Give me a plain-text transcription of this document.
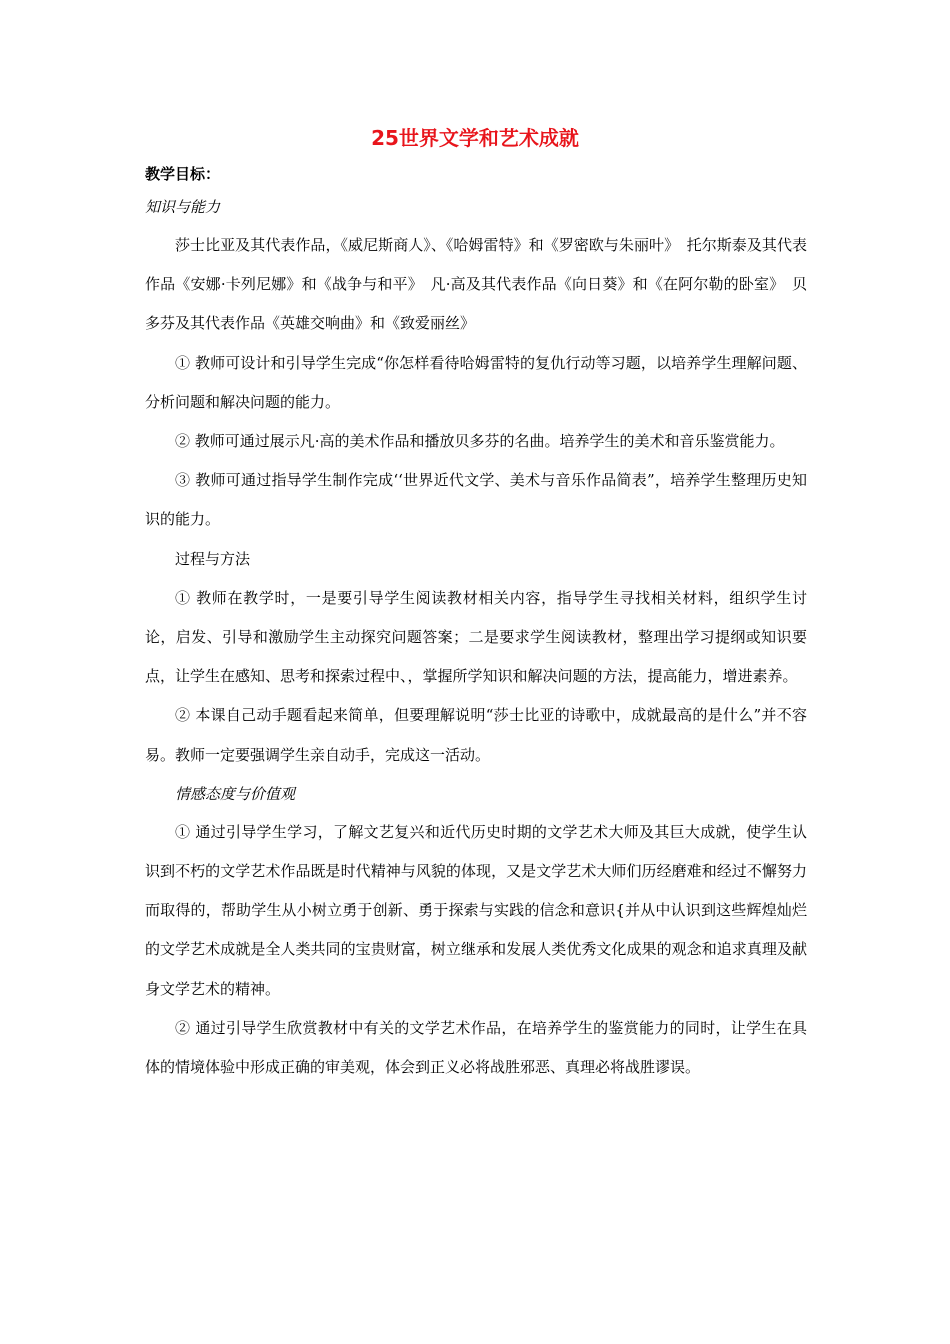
25世界文学和艺术成就

教学目标：

知识与能力

莎士比亚及其代表作品，《威尼斯商人》、《哈姆雷特》和《罗密欧与朱丽叶》　托尔斯泰及其代表作品《安娜·卡列尼娜》和《战争与和平》　凡·高及其代表作品《向日葵》和《在阿尔勒的卧室》　贝多芬及其代表作品《英雄交响曲》和《致爱丽丝》

① 教师可设计和引导学生完成“你怎样看待哈姆雷特的复仇行动等习题，以培养学生理解问题、分析问题和解决问题的能力。

② 教师可通过展示凡·高的美术作品和播放贝多芬的名曲。培养学生的美术和音乐鉴赏能力。

③ 教师可通过指导学生制作完成‘‘世界近代文学、美术与音乐作品简表”，培养学生整理历史知识的能力。

过程与方法

① 教师在教学时，一是要引导学生阅读教材相关内容，指导学生寻找相关材料，组织学生讨论，启发、引导和激励学生主动探究问题答案；二是要求学生阅读教材，整理出学习提纲或知识要点，让学生在感知、思考和探索过程中、，掌握所学知识和解决问题的方法，提高能力，增进素养。

② 本课自己动手题看起来简单，但要理解说明“莎士比亚的诗歌中，成就最高的是什么”并不容易。教师一定要强调学生亲自动手，完成这一活动。

情感态度与价值观

① 通过引导学生学习，了解文艺复兴和近代历史时期的文学艺术大师及其巨大成就，使学生认识到不朽的文学艺术作品既是时代精神与风貌的体现，又是文学艺术大师们历经磨难和经过不懈努力而取得的，帮助学生从小树立勇于创新、勇于探索与实践的信念和意识{并从中认识到这些辉煌灿烂的文学艺术成就是全人类共同的宝贵财富，树立继承和发展人类优秀文化成果的观念和追求真理及献身文学艺术的精神。

② 通过引导学生欣赏教材中有关的文学艺术作品，在培养学生的鉴赏能力的同时，让学生在具体的情境体验中形成正确的审美观，体会到正义必将战胜邪恶、真理必将战胜谬误。
